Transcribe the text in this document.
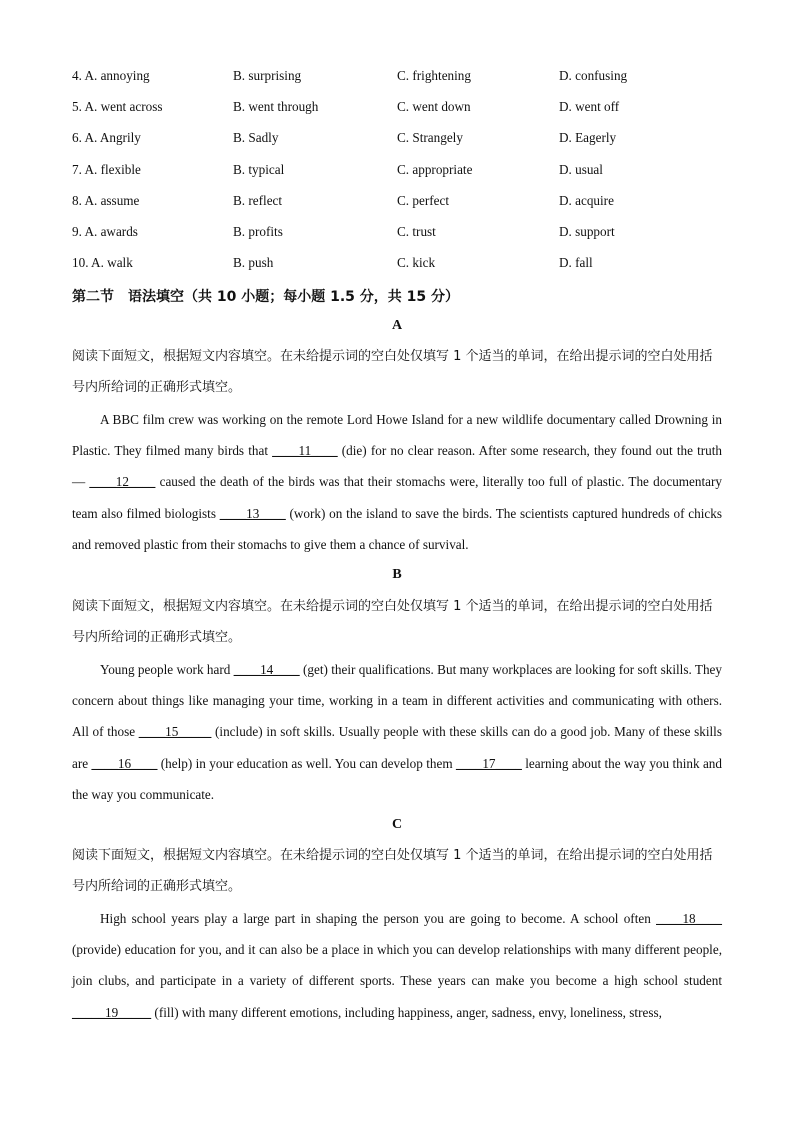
4. A. annoying	B. surprising	C. frightening	D. confusing
5. A. went across	B. went through	C. went down	D. went off
6. A. Angrily	B. Sadly	C. Strangely	D. Eagerly
7. A. flexible	B. typical	C. appropriate	D. usual
8. A. assume	B. reflect	C. perfect	D. acquire
9. A. awards	B. profits	C. trust	D. support
10. A. walk	B. push	C. kick	D. fall
第二节　语法填空（共 10 小题；每小题 1.5 分，共 15 分）
A
阅读下面短文，根据短文内容填空。在未给提示词的空白处仅填写 1 个适当的单词，在给出提示词的空白处用括号内所给词的正确形式填空。
A BBC film crew was working on the remote Lord Howe Island for a new wildlife documentary called Drowning in Plastic. They filmed many birds that ____11____ (die) for no clear reason. After some research, they found out the truth — ____12____ caused the death of the birds was that their stomachs were, literally too full of plastic. The documentary team also filmed biologists ____13____ (work) on the island to save the birds. The scientists captured hundreds of chicks and removed plastic from their stomachs to give them a chance of survival.
B
阅读下面短文，根据短文内容填空。在未给提示词的空白处仅填写 1 个适当的单词，在给出提示词的空白处用括号内所给词的正确形式填空。
Young people work hard ____14____ (get) their qualifications. But many workplaces are looking for soft skills. They concern about things like managing your time, working in a team in different activities and communicating with others. All of those ____15_____ (include) in soft skills. Usually people with these skills can do a good job. Many of these skills are ____16____ (help) in your education as well. You can develop them ____17____ learning about the way you think and the way you communicate.
C
阅读下面短文，根据短文内容填空。在未给提示词的空白处仅填写 1 个适当的单词，在给出提示词的空白处用括号内所给词的正确形式填空。
High school years play a large part in shaping the person you are going to become. A school often ____18____ (provide) education for you, and it can also be a place in which you can develop relationships with many different people, join clubs, and participate in a variety of different sports. These years can make you become a high school student _____19_____ (fill) with many different emotions, including happiness, anger, sadness, envy, loneliness, stress,
